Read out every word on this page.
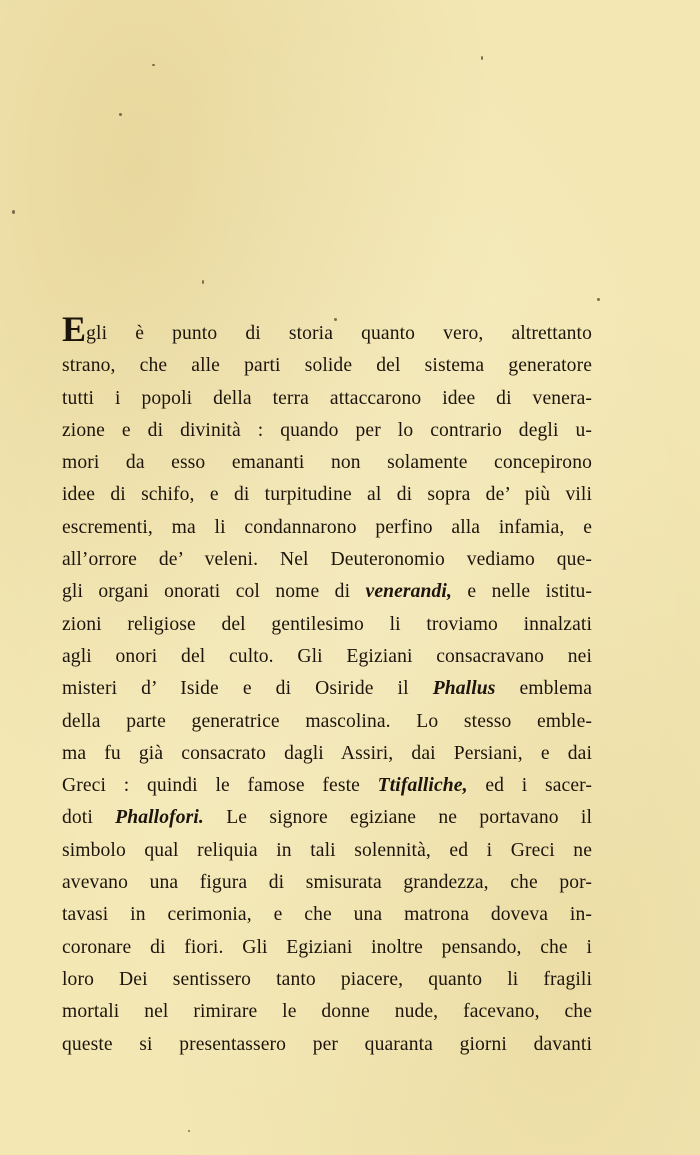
Egli è punto di storia quanto vero, altrettanto
strano, che alle parti solide del sistema generatore
tutti i popoli della terra attaccarono idee di venera-
zione e di divinità : quando per lo contrario degli u-
mori da esso emananti non solamente concepirono
idee di schifo, e di turpitudine al di sopra de’ più vili
escrementi, ma li condannarono perfino alla infamia, e
all’orrore de’ veleni. Nel Deuteronomio vediamo que-
gli organi onorati col nome di venerandi, e nelle istitu-
zioni religiose del gentilesimo li troviamo innalzati
agli onori del culto. Gli Egiziani consacravano nei
misteri d’ Iside e di Osiride il Phallus emblema
della parte generatrice mascolina. Lo stesso emble-
ma fu già consacrato dagli Assiri, dai Persiani, e dai
Greci : quindi le famose feste Ttifalliche, ed i sacer-
doti Phallofori. Le signore egiziane ne portavano il
simbolo qual reliquia in tali solennità, ed i Greci ne
avevano una figura di smisurata grandezza, che por-
tavasi in cerimonia, e che una matrona doveva in-
coronare di fiori. Gli Egiziani inoltre pensando, che i
loro Dei sentissero tanto piacere, quanto li fragili
mortali nel rimirare le donne nude, facevano, che
queste si presentassero per quaranta giorni davanti
